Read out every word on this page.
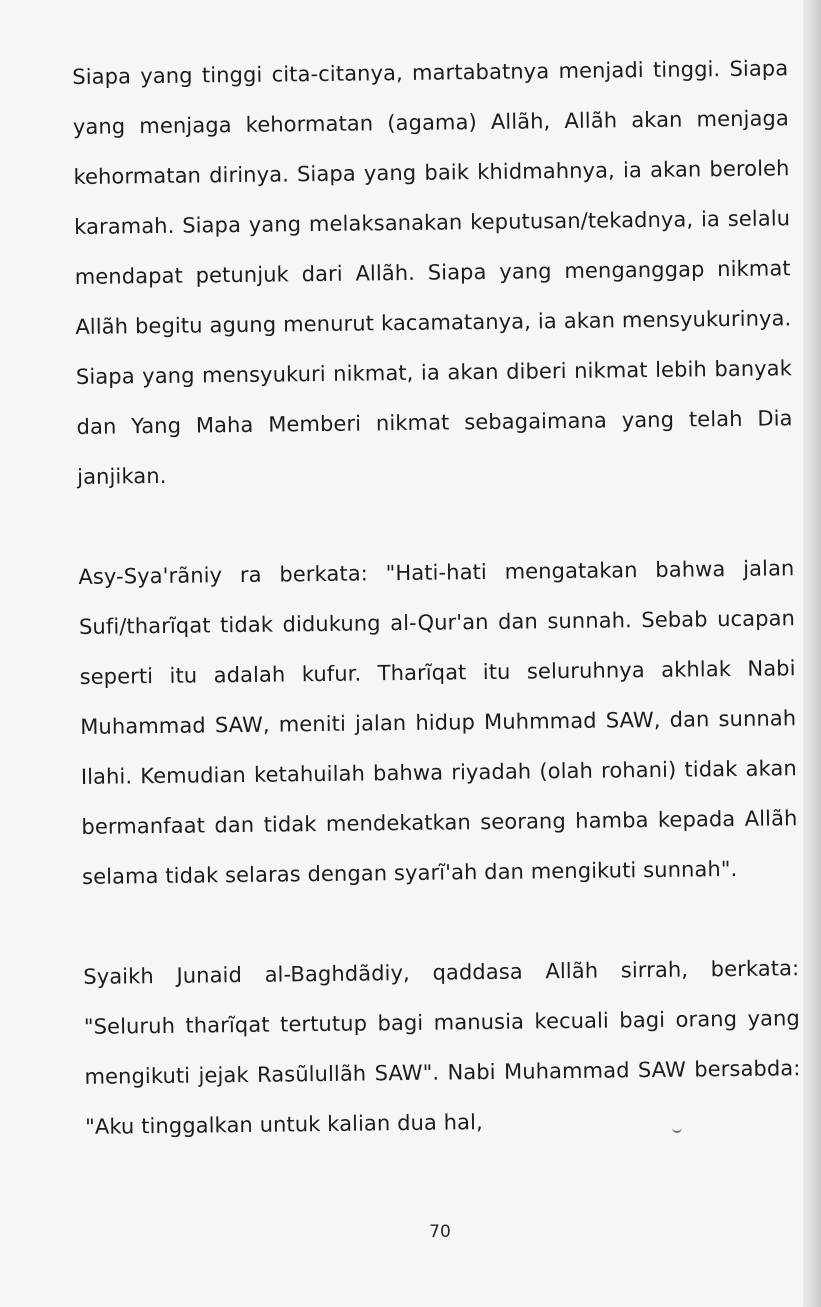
Siapa yang tinggi cita-citanya, martabatnya menjadi tinggi. Siapa yang menjaga kehormatan (agama) Allãh, Allãh akan menjaga kehormatan dirinya. Siapa yang baik khidmahnya, ia akan beroleh karamah. Siapa yang melaksanakan keputusan/tekadnya, ia selalu mendapat petunjuk dari Allãh. Siapa yang menganggap nikmat Allãh begitu agung menurut kacamatanya, ia akan mensyukurinya. Siapa yang mensyukuri nikmat, ia akan diberi nikmat lebih banyak dan Yang Maha Memberi nikmat sebagaimana yang telah Dia janjikan.

Asy-Sya'rãniy ra berkata: "Hati-hati mengatakan bahwa jalan Sufi/tharĩqat tidak didukung al-Qur'an dan sunnah. Sebab ucapan seperti itu adalah kufur. Tharĩqat itu seluruhnya akhlak Nabi Muhammad SAW, meniti jalan hidup Muhmmad SAW, dan sunnah Ilahi. Kemudian ketahuilah bahwa riyadah (olah rohani) tidak akan bermanfaat dan tidak mendekatkan seorang hamba kepada Allãh selama tidak selaras dengan syarĩ'ah dan mengikuti sunnah".

Syaikh Junaid al-Baghdãdiy, qaddasa Allãh sirrah, berkata: "Seluruh tharĩqat tertutup bagi manusia kecuali bagi orang yang mengikuti jejak Rasũlullãh SAW". Nabi Muhammad SAW bersabda: "Aku tinggalkan untuk kalian dua hal,

70
